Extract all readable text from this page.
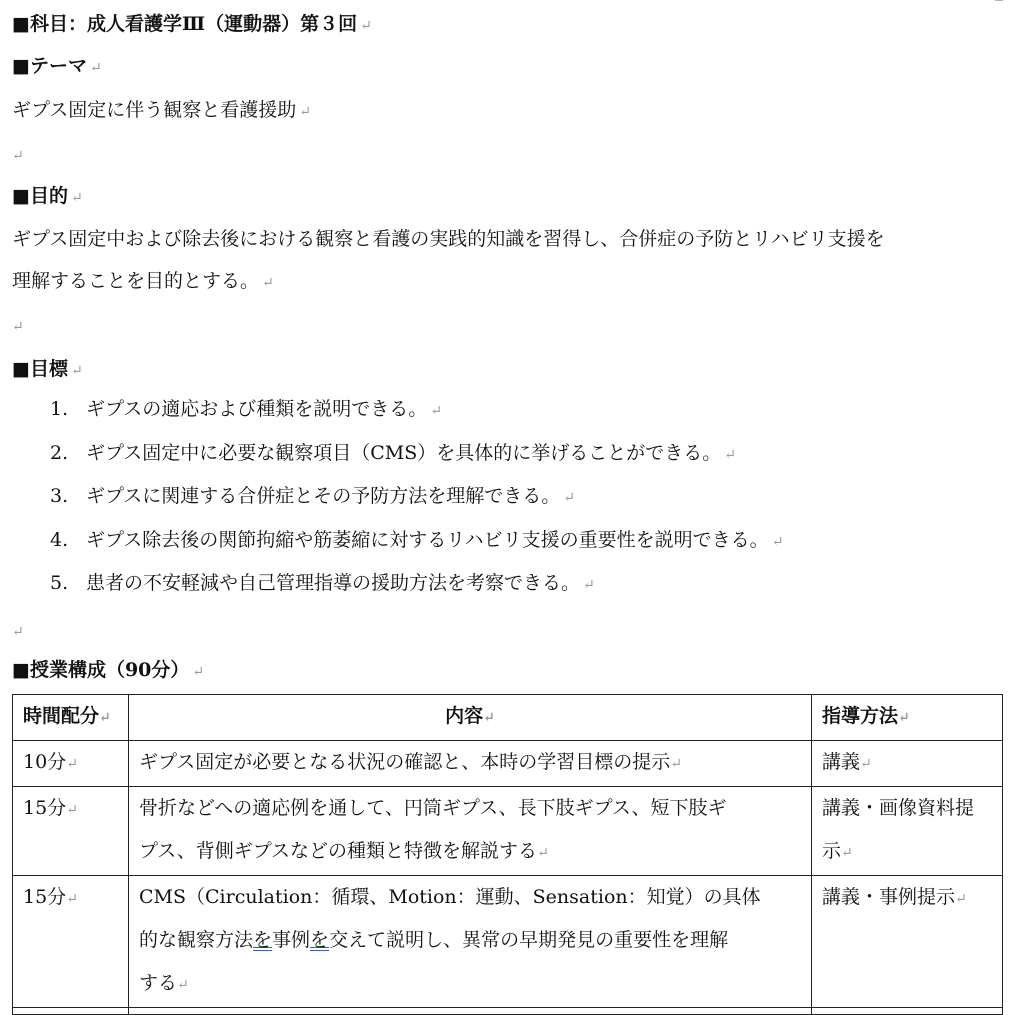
■科目：成人看護学Ⅲ（運動器）第３回 ↵
■テーマ ↵
ギプス固定に伴う観察と看護援助 ↵
↵
■目的 ↵
ギプス固定中および除去後における観察と看護の実践的知識を習得し、合併症の予防とリハビリ支援を
理解することを目的とする。 ↵
↵
■目標 ↵
1. ギプスの適応および種類を説明できる。 ↵
2. ギプス固定中に必要な観察項目（CMS）を具体的に挙げることができる。 ↵
3. ギプスに関連する合併症とその予防方法を理解できる。 ↵
4. ギプス除去後の関節拘縮や筋萎縮に対するリハビリ支援の重要性を説明できる。 ↵
5. 患者の不安軽減や自己管理指導の援助方法を考察できる。 ↵
↵
■授業構成（90分） ↵
時間配分↵	内容↵	指導方法↵
10分↵	ギプス固定が必要となる状況の確認と、本時の学習目標の提示↵	講義↵
15分↵	骨折などへの適応例を通して、円筒ギプス、長下肢ギプス、短下肢ギ
プス、背側ギプスなどの種類と特徴を解説する↵	講義・画像資料提
示↵
15分↵	CMS（Circulation：循環、Motion：運動、Sensation：知覚）の具体
的な観察方法を事例を交えて説明し、異常の早期発見の重要性を理解
する↵	講義・事例提示↵
